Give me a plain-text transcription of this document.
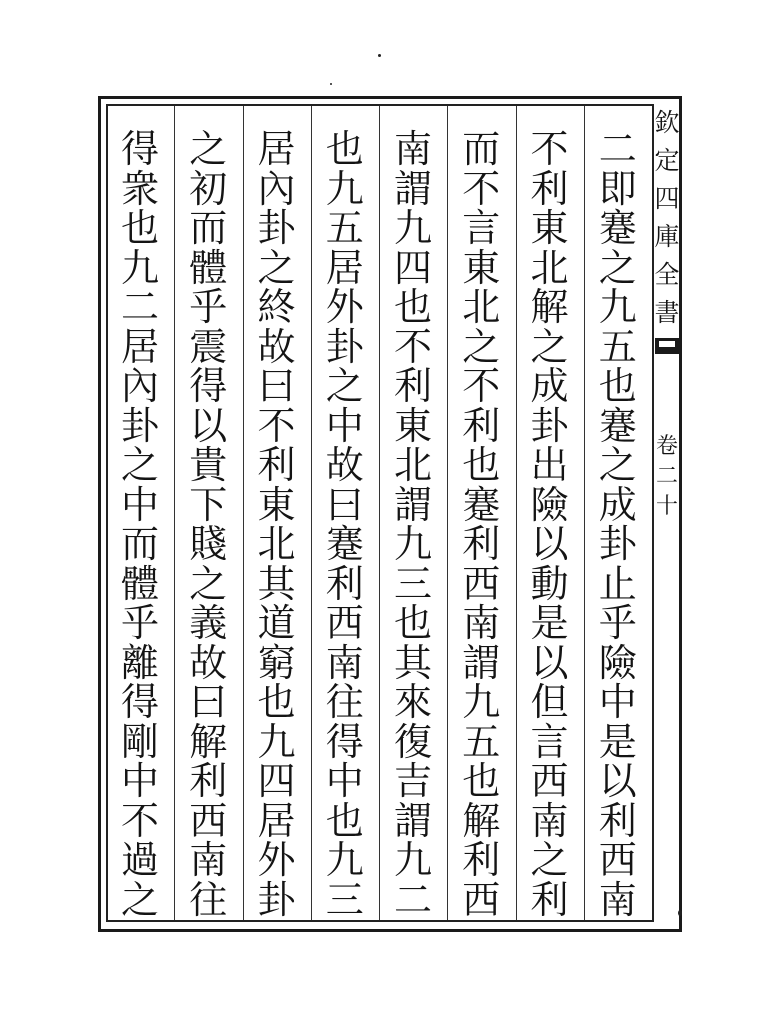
欽
定
四
庫
全
書
卷
二
十
二
即
蹇
之
九
五
也
蹇
之
成
卦
止
乎
險
中
是
以
利
西
南
不
利
東
北
解
之
成
卦
出
險
以
動
是
以
但
言
西
南
之
利
而
不
言
東
北
之
不
利
也
蹇
利
西
南
謂
九
五
也
解
利
西
南
謂
九
四
也
不
利
東
北
謂
九
三
也
其
來
復
吉
謂
九
二
也
九
五
居
外
卦
之
中
故
曰
蹇
利
西
南
往
得
中
也
九
三
居
內
卦
之
終
故
曰
不
利
東
北
其
道
窮
也
九
四
居
外
卦
之
初
而
體
乎
震
得
以
貴
下
賤
之
義
故
曰
解
利
西
南
往
得
衆
也
九
二
居
內
卦
之
中
而
體
乎
離
得
剛
中
不
過
之
